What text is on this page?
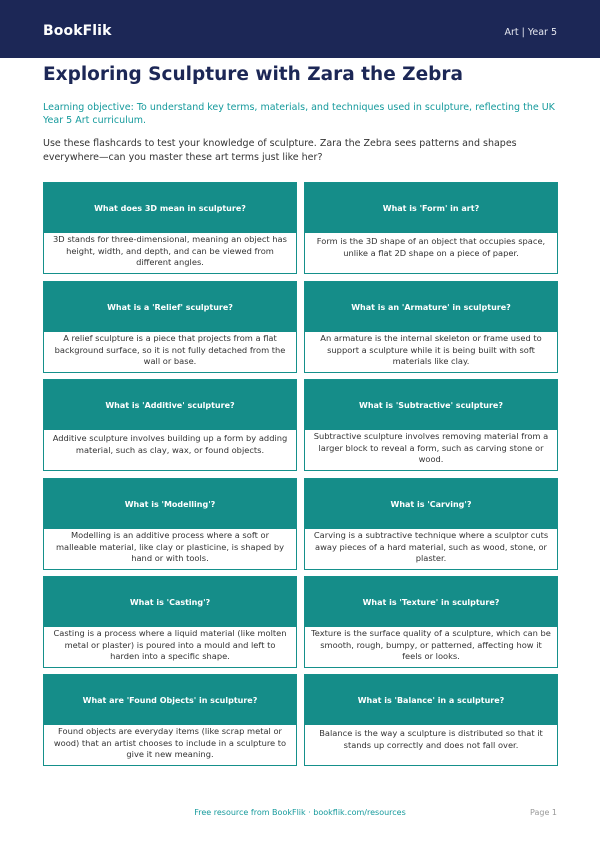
BookFlik	Art | Year 5
Exploring Sculpture with Zara the Zebra

Learning objective: To understand key terms, materials, and techniques used in sculpture, reflecting the UK Year 5 Art curriculum.

Use these flashcards to test your knowledge of sculpture. Zara the Zebra sees patterns and shapes everywhere—can you master these art terms just like her?

What does 3D mean in sculpture?

3D stands for three-dimensional, meaning an object has height, width, and depth, and can be viewed from different angles.

What is 'Form' in art?

Form is the 3D shape of an object that occupies space, unlike a flat 2D shape on a piece of paper.

What is a 'Relief' sculpture?

A relief sculpture is a piece that projects from a flat background surface, so it is not fully detached from the wall or base.

What is an 'Armature' in sculpture?

An armature is the internal skeleton or frame used to support a sculpture while it is being built with soft materials like clay.

What is 'Additive' sculpture?

Additive sculpture involves building up a form by adding material, such as clay, wax, or found objects.

What is 'Subtractive' sculpture?

Subtractive sculpture involves removing material from a larger block to reveal a form, such as carving stone or wood.

What is 'Modelling'?

Modelling is an additive process where a soft or malleable material, like clay or plasticine, is shaped by hand or with tools.

What is 'Carving'?

Carving is a subtractive technique where a sculptor cuts away pieces of a hard material, such as wood, stone, or plaster.

What is 'Casting'?

Casting is a process where a liquid material (like molten metal or plaster) is poured into a mould and left to harden into a specific shape.

What is 'Texture' in sculpture?

Texture is the surface quality of a sculpture, which can be smooth, rough, bumpy, or patterned, affecting how it feels or looks.

What are 'Found Objects' in sculpture?

Found objects are everyday items (like scrap metal or wood) that an artist chooses to include in a sculpture to give it new meaning.

What is 'Balance' in a sculpture?

Balance is the way a sculpture is distributed so that it stands up correctly and does not fall over.

Free resource from BookFlik · bookflik.com/resources	Page 1
